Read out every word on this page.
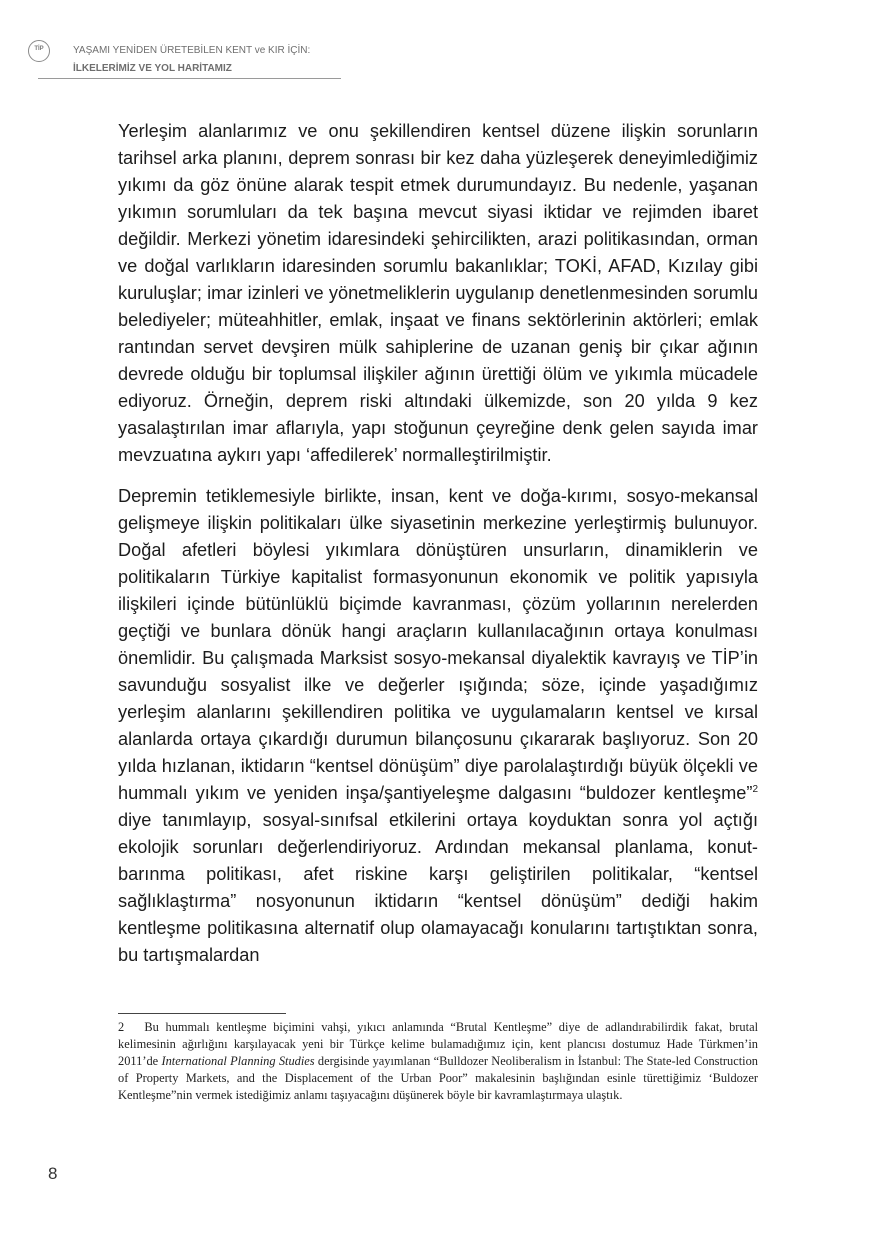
TİP	YAŞAMI YENİDEN ÜRETEBİLEN KENT ve KIR İÇİN:
İLKELERİMİZ VE YOL HARİTAMIZ

Yerleşim alanlarımız ve onu şekillendiren kentsel düzene ilişkin sorunların tarihsel arka planını, deprem sonrası bir kez daha yüzleşerek deneyimlediğimiz yıkımı da göz önüne alarak tespit etmek durumundayız. Bu nedenle, yaşanan yıkımın sorumluları da tek başına mevcut siyasi iktidar ve rejimden ibaret değildir. Merkezi yönetim idaresindeki şehircilikten, arazi politikasından, orman ve doğal varlıkların idaresinden sorumlu bakanlıklar; TOKİ, AFAD, Kızılay gibi kuruluşlar; imar izinleri ve yönetmeliklerin uygulanıp denetlenmesinden sorumlu belediyeler; müteahhitler, emlak, inşaat ve finans sektörlerinin aktörleri; emlak rantından servet devşiren mülk sahiplerine de uzanan geniş bir çıkar ağının devrede olduğu bir toplumsal ilişkiler ağının ürettiği ölüm ve yıkımla mücadele ediyoruz. Örneğin, deprem riski altındaki ülkemizde, son 20 yılda 9 kez yasalaştırılan imar aflarıyla, yapı stoğunun çeyreğine denk gelen sayıda imar mevzuatına aykırı yapı ‘affedilerek’ normalleştirilmiştir.

Depremin tetiklemesiyle birlikte, insan, kent ve doğa-kırımı, sosyo-mekansal gelişmeye ilişkin politikaları ülke siyasetinin merkezine yerleştirmiş bulunuyor. Doğal afetleri böylesi yıkımlara dönüştüren unsurların, dinamiklerin ve politikaların Türkiye kapitalist formasyonunun ekonomik ve politik yapısıyla ilişkileri içinde bütünlüklü biçimde kavranması, çözüm yollarının nerelerden geçtiği ve bunlara dönük hangi araçların kullanılacağının ortaya konulması önemlidir. Bu çalışmada Marksist sosyo-mekansal diyalektik kavrayış ve TİP’in savunduğu sosyalist ilke ve değerler ışığında; söze, içinde yaşadığımız yerleşim alanlarını şekillendiren politika ve uygulamaların kentsel ve kırsal alanlarda ortaya çıkardığı durumun bilançosunu çıkararak başlıyoruz. Son 20 yılda hızlanan, iktidarın “kentsel dönüşüm” diye parolalaştırdığı büyük ölçekli ve hummalı yıkım ve yeniden inşa/şantiyeleşme dalgasını “buldozer kentleşme”$^2$ diye tanımlayıp, sosyal-sınıfsal etkilerini ortaya koyduktan sonra yol açtığı ekolojik sorunları değerlendiriyoruz. Ardından mekansal planlama, konut-barınma politikası, afet riskine karşı geliştirilen politikalar, “kentsel sağlıklaştırma” nosyonunun iktidarın “kentsel dönüşüm” dediği hakim kentleşme politikasına alternatif olup olamayacağı konularını tartıştıktan sonra, bu tartışmalardan

2 Bu hummalı kentleşme biçimini vahşi, yıkıcı anlamında “Brutal Kentleşme” diye de adlandırabilirdik fakat, brutal kelimesinin ağırlığını karşılayacak yeni bir Türkçe kelime bulamadığımız için, kent plancısı dostumuz Hade Türkmen’in 2011’de International Planning Studies dergisinde yayımlanan “Bulldozer Neoliberalism in İstanbul: The State-led Construction of Property Markets, and the Displacement of the Urban Poor” makalesinin başlığından esinle türettiğimiz ‘Buldozer Kentleşme”nin vermek istediğimiz anlamı taşıyacağını düşünerek böyle bir kavramlaştırmaya ulaştık.
8
